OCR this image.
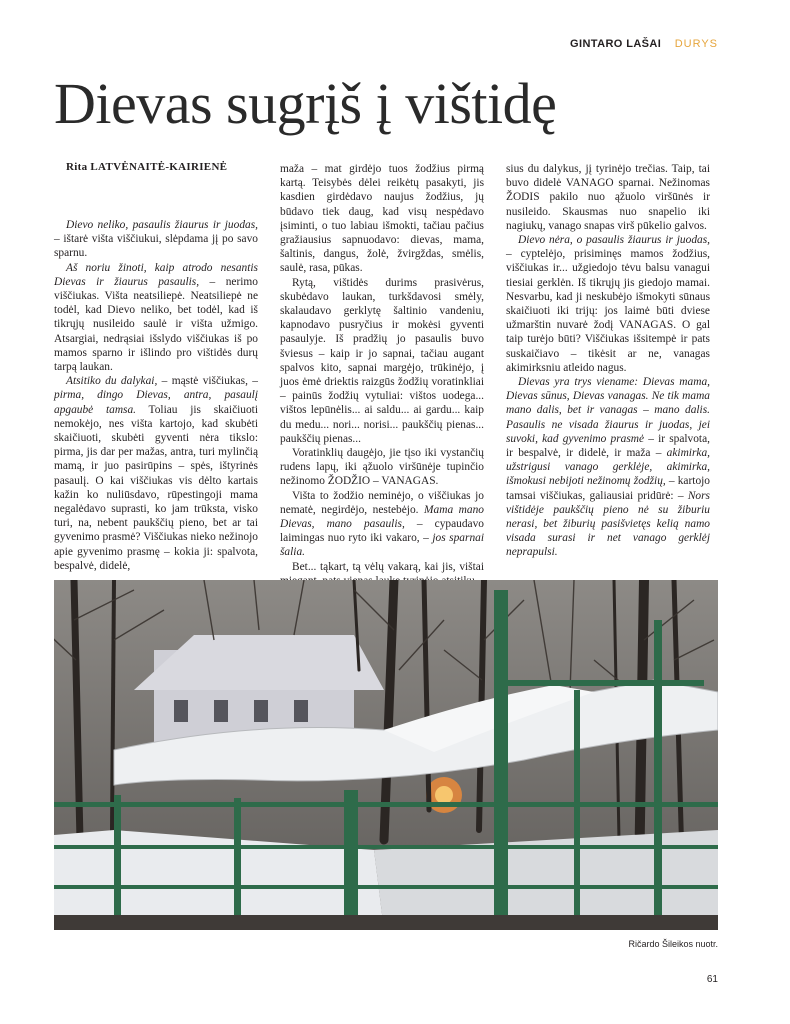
GINTARO LAŠAI DURYS
Dievas sugrįš į vištidę
Rita LATVĖNAITĖ-KAIRIENĖ

Dievo neliko, pasaulis žiaurus ir juodas, – ištarė višta viščiukui, slėpdama jį po savo sparnu.

Aš noriu žinoti, kaip atrodo nesantis Dievas ir žiaurus pasaulis, – nerimo viščiukas. Višta neatsiliepė. Neatsiliepė ne todėl, kad Dievo neliko, bet todėl, kad iš tikrųjų nusileido saulė ir višta užmigo. Atsargiai, nedrąsiai išslydo viščiukas iš po mamos sparno ir išlindo pro vištidės durų tarpą laukan.

Atsitiko du dalykai, – mąstė viščiukas, – pirma, dingo Dievas, antra, pasaulį apgaubė tamsa. Toliau jis skaičiuoti nemokėjo, nes višta kartojo, kad skubėti skaičiuoti, skubėti gyventi nėra tikslo: pirma, jis dar per mažas, antra, turi mylinčią mamą, ir juo pasirūpins – spės, ištyrinės pasaulį. O kai viščiukas vis dėlto kartais kažin ko nuliūsdavo, rūpestingoji mama negalėdavo suprasti, ko jam trūksta, visko turi, na, nebent paukščių pieno, bet ar tai gyvenimo prasmė? Viščiukas nieko nežinojo apie gyvenimo prasmę – kokia ji: spalvota, bespalvė, didelė,

maža – mat girdėjo tuos žodžius pirmą kartą. Teisybės dėlei reikėtų pasakyti, jis kasdien girdėdavo naujus žodžius, jų būdavo tiek daug, kad visų nespėdavo įsiminti, o tuo labiau išmokti, tačiau pačius gražiausius sapnuodavo: dievas, mama, šaltinis, dangus, žolė, žvirgždas, smėlis, saulė, rasa, pūkas.

Rytą, vištidės durims prasivėrus, skubėdavo laukan, turkšdavosi smėly, skalaudavo gerklytę šaltinio vandeniu, kapnodavo pusryčius ir mokėsi gyventi pasaulyje. Iš pradžių jo pasaulis buvo šviesus – kaip ir jo sapnai, tačiau augant spalvos kito, sapnai margėjo, trūkinėjo, į juos ėmė driektis raizgūs žodžių voratinkliai – painūs žodžių vytuliai: vištos uodega... vištos lepūnėlis... ai saldu... ai gardu... kaip du medu... nori... norisi... paukščių pienas... paukščių pienas...

Voratinklių daugėjo, jie tįso iki vystančių rudens lapų, iki ąžuolo viršūnėje tupinčio nežinomo ŽODŽIO – VANAGAS.

Višta to žodžio neminėjo, o viščiukas jo nematė, negirdėjo, nestebėjo. Mama mano Dievas, mano pasaulis, – cypaudavo laimingas nuo ryto iki vakaro, – jos sparnai šalia.

Bet... tąkart, tą vėlų vakarą, kai jis, vištai

sius du dalykus, jį tyrinėjo trečias. Taip, tai buvo didelė VANAGO sparnai. Nežinomas ŽODIS pakilo nuo ąžuolo viršūnės ir nusileido. Skausmas nuo snapelio iki nagiukų, vanago snapas virš pūkelio galvos.

Dievo nėra, o pasaulis žiaurus ir juodas, – cyptelėjo, prisiminęs mamos žodžius, viščiukas ir... užgiedojo tėvu balsu vanagui tiesiai gerklėn. Iš tikrųjų jis giedojo mamai. Nesvarbu, kad ji neskubėjo išmokyti sūnaus skaičiuoti iki trijų: jos laimė būti dviese užmarštin nuvarė žodį VANAGAS. O gal taip turėjo būti? Viščiukas išsitempė ir pats suskaičiavo – tikėsit ar ne, vanagas akimirksniu atleido nagus.

Dievas yra trys viename: Dievas mama, Dievas sūnus, Dievas vanagas. Ne tik mama mano dalis, bet ir vanagas – mano dalis. Pasaulis ne visada žiaurus ir juodas, jei suvoki, kad gyvenimo prasmė – ir spalvota, ir bespalvė, ir didelė, ir maža – akimirka, užstrigusi vanago gerklėje, akimirka, išmokusi nebijoti nežinomų žodžių, – kartojo tamsai viščiukas, galiausiai pridūrė: – Nors vištidėje paukščių pieno nė su žiburiu nerasi, bet žiburių pasišvietęs kelią namo visada surasi ir net vanago gerklėj neprapulsi.

Ričardo Šileikos nuotr.
61
